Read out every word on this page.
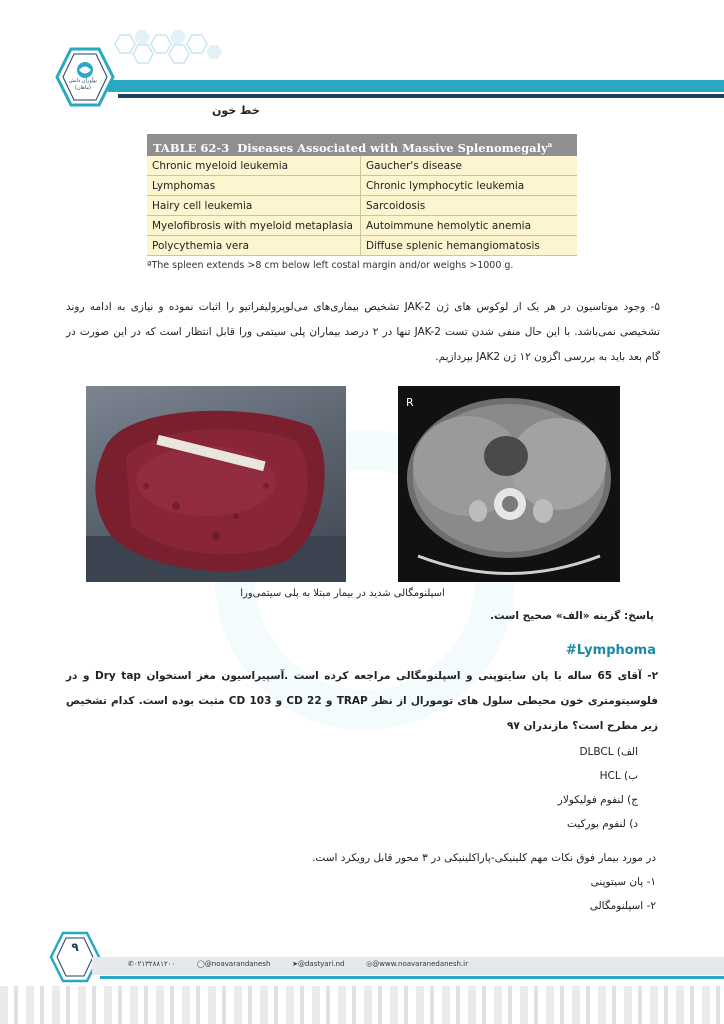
نوآوران دانش
(ماهان)
خط خون
TABLE 62-3 Diseases Associated with Massive Splenomegaly$^a$
Chronic myeloid leukemia	Gaucher's disease
Lymphomas	Chronic lymphocytic leukemia
Hairy cell leukemia	Sarcoidosis
Myelofibrosis with myeloid metaplasia	Autoimmune hemolytic anemia
Polycythemia vera	Diffuse splenic hemangiomatosis
ªThe spleen extends >8 cm below left costal margin and/or weighs >1000 g.
۵- وجود موتاسیون در هر یک از لوکوس های ژن JAK-2 تشخیص بیماری‌های می‌لوپرولیفراتیو را اثبات نموده و نیازی به ادامه روند تشخیصی نمی‌باشد. با این حال منفی شدن تست JAK-2 تنها در ۲ درصد بیماران پلی سیتمی ورا قابل انتظار است که در این صورت در گام بعد باید به بررسی اگزون ۱۲ ژن JAK2 بپردازیم.
R
اسپلنومگالی شدید در بیمار مبتلا به پلی سیتمی‌ورا
پاسخ: گزینه «الف» صحیح است.
#Lymphoma
۲- آقای 65 ساله با پان سایتوپنی و اسپلنومگالی مراجعه کرده است .آسپیراسیون مغز استخوان Dry tap و در فلوسیتومتری خون محیطی سلول های تومورال از نظر TRAP و CD 22 و CD 103 مثبت بوده است. کدام تشخیص زیر مطرح است؟ مازندران ۹۷
الف) DLBCL
ب) HCL
ج) لنفوم فولیکولار
د) لنفوم بورکیت
در مورد بیمار فوق نکات مهم کلینیکی-پاراکلینیکی در ۳ محور قابل رویکرد است.
۱- پان سیتوپنی
۲- اسپلنومگالی
۹
✆۰۲۱۳۲۸۸۱۲۰۰	◯@noavarandanesh	➤@dastyari.nd	◎@www.noavaranedanesh.ir
